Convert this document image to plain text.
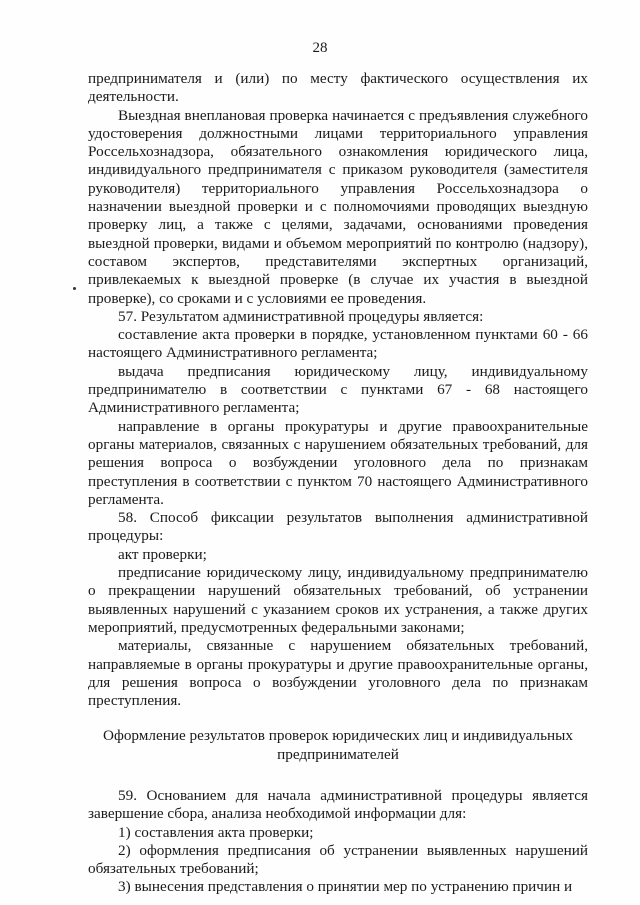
28

предпринимателя и (или) по месту фактического осуществления их деятельности.

Выездная внеплановая проверка начинается с предъявления служебного удостоверения должностными лицами территориального управления Россельхознадзора, обязательного ознакомления юридического лица, индивидуального предпринимателя с приказом руководителя (заместителя руководителя) территориального управления Россельхознадзора о назначении выездной проверки и с полномочиями проводящих выездную проверку лиц, а также с целями, задачами, основаниями проведения выездной проверки, видами и объемом мероприятий по контролю (надзору), составом экспертов, представителями экспертных организаций, привлекаемых к выездной проверке (в случае их участия в выездной проверке), со сроками и с условиями ее проведения.

57. Результатом административной процедуры является:

составление акта проверки в порядке, установленном пунктами 60 - 66 настоящего Административного регламента;

выдача предписания юридическому лицу, индивидуальному предпринимателю в соответствии с пунктами 67 - 68 настоящего Административного регламента;

направление в органы прокуратуры и другие правоохранительные органы материалов, связанных с нарушением обязательных требований, для решения вопроса о возбуждении уголовного дела по признакам преступления в соответствии с пунктом 70 настоящего Административного регламента.

58. Способ фиксации результатов выполнения административной процедуры:

акт проверки;

предписание юридическому лицу, индивидуальному предпринимателю о прекращении нарушений обязательных требований, об устранении выявленных нарушений с указанием сроков их устранения, а также других мероприятий, предусмотренных федеральными законами;

материалы, связанные с нарушением обязательных требований, направляемые в органы прокуратуры и другие правоохранительные органы, для решения вопроса о возбуждении уголовного дела по признакам преступления.

Оформление результатов проверок юридических лиц и индивидуальных предпринимателей

59. Основанием для начала административной процедуры является завершение сбора, анализа необходимой информации для:

1) составления акта проверки;

2) оформления предписания об устранении выявленных нарушений обязательных требований;

3) вынесения представления о принятии мер по устранению причин и
